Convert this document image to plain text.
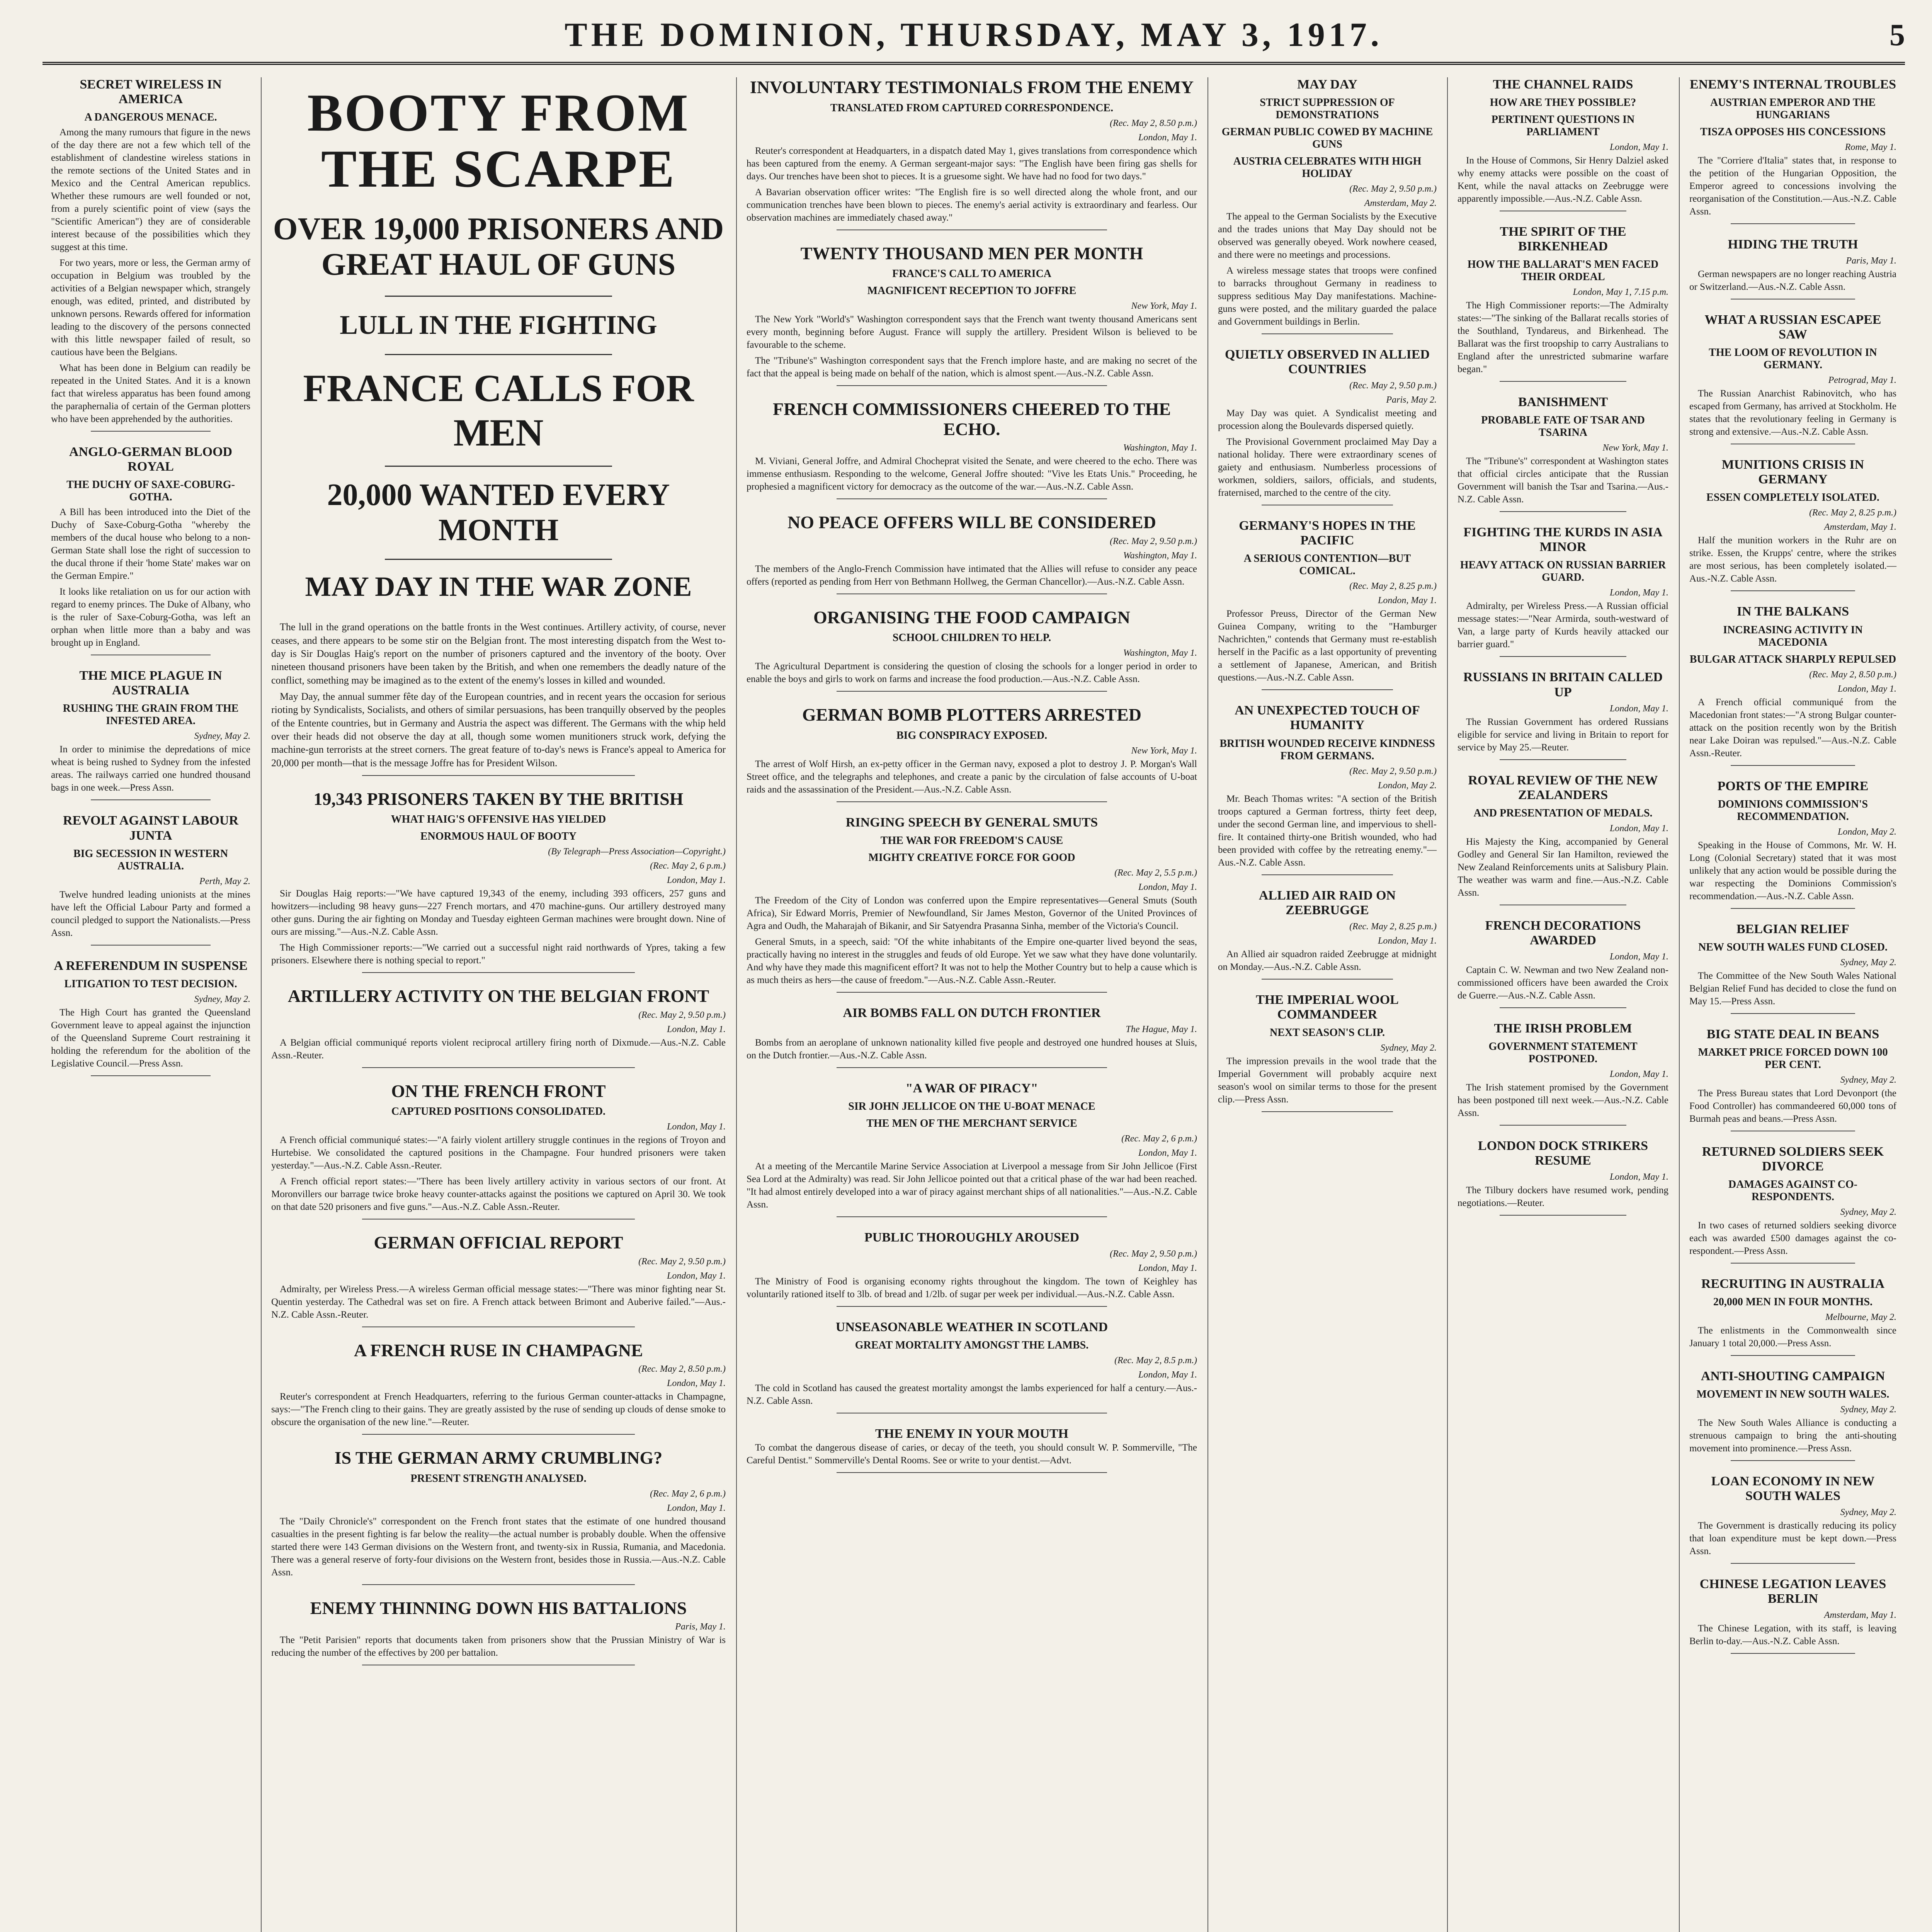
THE DOMINION, THURSDAY, MAY 3, 1917.	5
SECRET WIRELESS IN AMERICA
A DANGEROUS MENACE.

Among the many rumours that figure in the news of the day there are not a few which tell of the establishment of clandestine wireless stations in the remote sections of the United States and in Mexico and the Central American republics. Whether these rumours are well founded or not, from a purely scientific point of view (says the "Scientific American") they are of considerable interest because of the possibilities which they suggest at this time.

For two years, more or less, the German army of occupation in Belgium was troubled by the activities of a Belgian newspaper which, strangely enough, was edited, printed, and distributed by unknown persons. Rewards offered for information leading to the discovery of the persons connected with this little newspaper failed of result, so cautious have been the Belgians.

What has been done in Belgium can readily be repeated in the United States. And it is a known fact that wireless apparatus has been found among the paraphernalia of certain of the German plotters who have been apprehended by the authorities.

ANGLO-GERMAN BLOOD ROYAL
THE DUCHY OF SAXE-COBURG-GOTHA.

A Bill has been introduced into the Diet of the Duchy of Saxe-Coburg-Gotha "whereby the members of the ducal house who belong to a non-German State shall lose the right of succession to the ducal throne if their 'home State' makes war on the German Empire."

It looks like retaliation on us for our action with regard to enemy princes. The Duke of Albany, who is the ruler of Saxe-Coburg-Gotha, was left an orphan when little more than a baby and was brought up in England.

THE MICE PLAGUE IN AUSTRALIA
RUSHING THE GRAIN FROM THE INFESTED AREA.
Sydney, May 2.

In order to minimise the depredations of mice wheat is being rushed to Sydney from the infested areas. The railways carried one hundred thousand bags in one week.—Press Assn.

REVOLT AGAINST LABOUR JUNTA
BIG SECESSION IN WESTERN AUSTRALIA.
Perth, May 2.

Twelve hundred leading unionists at the mines have left the Official Labour Party and formed a council pledged to support the Nationalists.—Press Assn.

A REFERENDUM IN SUSPENSE
LITIGATION TO TEST DECISION.
Sydney, May 2.

The High Court has granted the Queensland Government leave to appeal against the injunction of the Queensland Supreme Court restraining it holding the referendum for the abolition of the Legislative Council.—Press Assn.

BOOTY FROM THE SCARPE
OVER 19,000 PRISONERS AND GREAT HAUL OF GUNS
LULL IN THE FIGHTING
FRANCE CALLS FOR MEN
20,000 WANTED EVERY MONTH
MAY DAY IN THE WAR ZONE

The lull in the grand operations on the battle fronts in the West continues. Artillery activity, of course, never ceases, and there appears to be some stir on the Belgian front. The most interesting dispatch from the West to-day is Sir Douglas Haig's report on the number of prisoners captured and the inventory of the booty. Over nineteen thousand prisoners have been taken by the British, and when one remembers the deadly nature of the conflict, something may be imagined as to the extent of the enemy's losses in killed and wounded.

May Day, the annual summer fête day of the European countries, and in recent years the occasion for serious rioting by Syndicalists, Socialists, and others of similar persuasions, has been tranquilly observed by the peoples of the Entente countries, but in Germany and Austria the aspect was different. The Germans with the whip held over their heads did not observe the day at all, though some women munitioners struck work, defying the machine-gun terrorists at the street corners. The great feature of to-day's news is France's appeal to America for 20,000 per month—that is the message Joffre has for President Wilson.

19,343 PRISONERS TAKEN BY THE BRITISH
WHAT HAIG'S OFFENSIVE HAS YIELDED
ENORMOUS HAUL OF BOOTY
(By Telegraph—Press Association—Copyright.)
(Rec. May 2, 6 p.m.)
London, May 1.

Sir Douglas Haig reports:—"We have captured 19,343 of the enemy, including 393 officers, 257 guns and howitzers—including 98 heavy guns—227 French mortars, and 470 machine-guns. Our artillery destroyed many other guns. During the air fighting on Monday and Tuesday eighteen German machines were brought down. Nine of ours are missing."—Aus.-N.Z. Cable Assn.

The High Commissioner reports:—"We carried out a successful night raid northwards of Ypres, taking a few prisoners. Elsewhere there is nothing special to report."

ARTILLERY ACTIVITY ON THE BELGIAN FRONT
(Rec. May 2, 9.50 p.m.)
London, May 1.

A Belgian official communiqué reports violent reciprocal artillery firing north of Dixmude.—Aus.-N.Z. Cable Assn.-Reuter.

ON THE FRENCH FRONT
CAPTURED POSITIONS CONSOLIDATED.
London, May 1.

A French official communiqué states:—"A fairly violent artillery struggle continues in the regions of Troyon and Hurtebise. We consolidated the captured positions in the Champagne. Four hundred prisoners were taken yesterday."—Aus.-N.Z. Cable Assn.-Reuter.

A French official report states:—"There has been lively artillery activity in various sectors of our front. At Moronvillers our barrage twice broke heavy counter-attacks against the positions we captured on April 30. We took on that date 520 prisoners and five guns."—Aus.-N.Z. Cable Assn.-Reuter.

GERMAN OFFICIAL REPORT
(Rec. May 2, 9.50 p.m.)
London, May 1.

Admiralty, per Wireless Press.—A wireless German official message states:—"There was minor fighting near St. Quentin yesterday. The Cathedral was set on fire. A French attack between Brimont and Auberive failed."—Aus.-N.Z. Cable Assn.-Reuter.

A FRENCH RUSE IN CHAMPAGNE
(Rec. May 2, 8.50 p.m.)
London, May 1.

Reuter's correspondent at French Headquarters, referring to the furious German counter-attacks in Champagne, says:—"The French cling to their gains. They are greatly assisted by the ruse of sending up clouds of dense smoke to obscure the organisation of the new line."—Reuter.

IS THE GERMAN ARMY CRUMBLING?
PRESENT STRENGTH ANALYSED.
(Rec. May 2, 6 p.m.)
London, May 1.

The "Daily Chronicle's" correspondent on the French front states that the estimate of one hundred thousand casualties in the present fighting is far below the reality—the actual number is probably double. When the offensive started there were 143 German divisions on the Western front, and twenty-six in Russia, Rumania, and Macedonia. There was a general reserve of forty-four divisions on the Western front, besides those in Russia.—Aus.-N.Z. Cable Assn.

ENEMY THINNING DOWN HIS BATTALIONS
Paris, May 1.

The "Petit Parisien" reports that documents taken from prisoners show that the Prussian Ministry of War is reducing the number of the effectives by 200 per battalion.

INVOLUNTARY TESTIMONIALS FROM THE ENEMY
TRANSLATED FROM CAPTURED CORRESPONDENCE.
(Rec. May 2, 8.50 p.m.)
London, May 1.

Reuter's correspondent at Headquarters, in a dispatch dated May 1, gives translations from correspondence which has been captured from the enemy. A German sergeant-major says: "The English have been firing gas shells for days. Our trenches have been shot to pieces. It is a gruesome sight. We have had no food for two days."

A Bavarian observation officer writes: "The English fire is so well directed along the whole front, and our communication trenches have been blown to pieces. The enemy's aerial activity is extraordinary and fearless. Our observation machines are immediately chased away."

TWENTY THOUSAND MEN PER MONTH
FRANCE'S CALL TO AMERICA
MAGNIFICENT RECEPTION TO JOFFRE
New York, May 1.

The New York "World's" Washington correspondent says that the French want twenty thousand Americans sent every month, beginning before August. France will supply the artillery. President Wilson is believed to be favourable to the scheme.

The "Tribune's" Washington correspondent says that the French implore haste, and are making no secret of the fact that the appeal is being made on behalf of the nation, which is almost spent.—Aus.-N.Z. Cable Assn.

FRENCH COMMISSIONERS CHEERED TO THE ECHO.
Washington, May 1.

M. Viviani, General Joffre, and Admiral Chocheprat visited the Senate, and were cheered to the echo. There was immense enthusiasm. Responding to the welcome, General Joffre shouted: "Vive les Etats Unis." Proceeding, he prophesied a magnificent victory for democracy as the outcome of the war.—Aus.-N.Z. Cable Assn.

NO PEACE OFFERS WILL BE CONSIDERED
(Rec. May 2, 9.50 p.m.)
Washington, May 1.

The members of the Anglo-French Commission have intimated that the Allies will refuse to consider any peace offers (reported as pending from Herr von Bethmann Hollweg, the German Chancellor).—Aus.-N.Z. Cable Assn.

ORGANISING THE FOOD CAMPAIGN
SCHOOL CHILDREN TO HELP.
Washington, May 1.

The Agricultural Department is considering the question of closing the schools for a longer period in order to enable the boys and girls to work on farms and increase the food production.—Aus.-N.Z. Cable Assn.

GERMAN BOMB PLOTTERS ARRESTED
BIG CONSPIRACY EXPOSED.
New York, May 1.

The arrest of Wolf Hirsh, an ex-petty officer in the German navy, exposed a plot to destroy J. P. Morgan's Wall Street office, and the telegraphs and telephones, and create a panic by the circulation of false accounts of U-boat raids and the assassination of the President.—Aus.-N.Z. Cable Assn.

RINGING SPEECH BY GENERAL SMUTS
THE WAR FOR FREEDOM'S CAUSE
MIGHTY CREATIVE FORCE FOR GOOD
(Rec. May 2, 5.5 p.m.)
London, May 1.

The Freedom of the City of London was conferred upon the Empire representatives—General Smuts (South Africa), Sir Edward Morris, Premier of Newfoundland, Sir James Meston, Governor of the United Provinces of Agra and Oudh, the Maharajah of Bikanir, and Sir Satyendra Prasanna Sinha, member of the Victoria's Council.

General Smuts, in a speech, said: "Of the white inhabitants of the Empire one-quarter lived beyond the seas, practically having no interest in the struggles and feuds of old Europe. Yet we saw what they have done voluntarily. And why have they made this magnificent effort? It was not to help the Mother Country but to help a cause which is as much theirs as hers—the cause of freedom."—Aus.-N.Z. Cable Assn.-Reuter.

AIR BOMBS FALL ON DUTCH FRONTIER
The Hague, May 1.

Bombs from an aeroplane of unknown nationality killed five people and destroyed one hundred houses at Sluis, on the Dutch frontier.—Aus.-N.Z. Cable Assn.

"A WAR OF PIRACY"
SIR JOHN JELLICOE ON THE U-BOAT MENACE
THE MEN OF THE MERCHANT SERVICE
(Rec. May 2, 6 p.m.)
London, May 1.

At a meeting of the Mercantile Marine Service Association at Liverpool a message from Sir John Jellicoe (First Sea Lord at the Admiralty) was read. Sir John Jellicoe pointed out that a critical phase of the war had been reached. "It had almost entirely developed into a war of piracy against merchant ships of all nationalities."—Aus.-N.Z. Cable Assn.

PUBLIC THOROUGHLY AROUSED
(Rec. May 2, 9.50 p.m.)
London, May 1.

The Ministry of Food is organising economy rights throughout the kingdom. The town of Keighley has voluntarily rationed itself to 3lb. of bread and 1/2lb. of sugar per week per individual.—Aus.-N.Z. Cable Assn.

UNSEASONABLE WEATHER IN SCOTLAND
GREAT MORTALITY AMONGST THE LAMBS.
(Rec. May 2, 8.5 p.m.)
London, May 1.

The cold in Scotland has caused the greatest mortality amongst the lambs experienced for half a century.—Aus.-N.Z. Cable Assn.

THE ENEMY IN YOUR MOUTH

To combat the dangerous disease of caries, or decay of the teeth, you should consult W. P. Sommerville, "The Careful Dentist." Sommerville's Dental Rooms. See or write to your dentist.—Advt.

MAY DAY
STRICT SUPPRESSION OF DEMONSTRATIONS
GERMAN PUBLIC COWED BY MACHINE GUNS
AUSTRIA CELEBRATES WITH HIGH HOLIDAY
(Rec. May 2, 9.50 p.m.)
Amsterdam, May 2.

The appeal to the German Socialists by the Executive and the trades unions that May Day should not be observed was generally obeyed. Work nowhere ceased, and there were no meetings and processions.

A wireless message states that troops were confined to barracks throughout Germany in readiness to suppress seditious May Day manifestations. Machine-guns were posted, and the military guarded the palace and Government buildings in Berlin.

QUIETLY OBSERVED IN ALLIED COUNTRIES
(Rec. May 2, 9.50 p.m.)
Paris, May 2.

May Day was quiet. A Syndicalist meeting and procession along the Boulevards dispersed quietly.

The Provisional Government proclaimed May Day a national holiday. There were extraordinary scenes of gaiety and enthusiasm. Numberless processions of workmen, soldiers, sailors, officials, and students, fraternised, marched to the centre of the city.

GERMANY'S HOPES IN THE PACIFIC
A SERIOUS CONTENTION—BUT COMICAL.
(Rec. May 2, 8.25 p.m.)
London, May 1.

Professor Preuss, Director of the German New Guinea Company, writing to the "Hamburger Nachrichten," contends that Germany must re-establish herself in the Pacific as a last opportunity of preventing a settlement of Japanese, American, and British questions.—Aus.-N.Z. Cable Assn.

AN UNEXPECTED TOUCH OF HUMANITY
BRITISH WOUNDED RECEIVE KINDNESS FROM GERMANS.
(Rec. May 2, 9.50 p.m.)
London, May 2.

Mr. Beach Thomas writes: "A section of the British troops captured a German fortress, thirty feet deep, under the second German line, and impervious to shell-fire. It contained thirty-one British wounded, who had been provided with coffee by the retreating enemy."—Aus.-N.Z. Cable Assn.

ALLIED AIR RAID ON ZEEBRUGGE
(Rec. May 2, 8.25 p.m.)
London, May 1.

An Allied air squadron raided Zeebrugge at midnight on Monday.—Aus.-N.Z. Cable Assn.

THE IMPERIAL WOOL COMMANDEER
NEXT SEASON'S CLIP.
Sydney, May 2.

The impression prevails in the wool trade that the Imperial Government will probably acquire next season's wool on similar terms to those for the present clip.—Press Assn.

THE CHANNEL RAIDS
HOW ARE THEY POSSIBLE?
PERTINENT QUESTIONS IN PARLIAMENT
London, May 1.

In the House of Commons, Sir Henry Dalziel asked why enemy attacks were possible on the coast of Kent, while the naval attacks on Zeebrugge were apparently impossible.—Aus.-N.Z. Cable Assn.

THE SPIRIT OF THE BIRKENHEAD
HOW THE BALLARAT'S MEN FACED THEIR ORDEAL
London, May 1, 7.15 p.m.

The High Commissioner reports:—The Admiralty states:—"The sinking of the Ballarat recalls stories of the Southland, Tyndareus, and Birkenhead. The Ballarat was the first troopship to carry Australians to England after the unrestricted submarine warfare began."

BANISHMENT
PROBABLE FATE OF TSAR AND TSARINA
New York, May 1.

The "Tribune's" correspondent at Washington states that official circles anticipate that the Russian Government will banish the Tsar and Tsarina.—Aus.-N.Z. Cable Assn.

FIGHTING THE KURDS IN ASIA MINOR
HEAVY ATTACK ON RUSSIAN BARRIER GUARD.
London, May 1.

Admiralty, per Wireless Press.—A Russian official message states:—"Near Armirda, south-westward of Van, a large party of Kurds heavily attacked our barrier guard."

RUSSIANS IN BRITAIN CALLED UP
London, May 1.

The Russian Government has ordered Russians eligible for service and living in Britain to report for service by May 25.—Reuter.

ROYAL REVIEW OF THE NEW ZEALANDERS
AND PRESENTATION OF MEDALS.
London, May 1.

His Majesty the King, accompanied by General Godley and General Sir Ian Hamilton, reviewed the New Zealand Reinforcements units at Salisbury Plain. The weather was warm and fine.—Aus.-N.Z. Cable Assn.

FRENCH DECORATIONS AWARDED
London, May 1.

Captain C. W. Newman and two New Zealand non-commissioned officers have been awarded the Croix de Guerre.—Aus.-N.Z. Cable Assn.

THE IRISH PROBLEM
GOVERNMENT STATEMENT POSTPONED.
London, May 1.

The Irish statement promised by the Government has been postponed till next week.—Aus.-N.Z. Cable Assn.

LONDON DOCK STRIKERS RESUME
London, May 1.

The Tilbury dockers have resumed work, pending negotiations.—Reuter.

ENEMY'S INTERNAL TROUBLES
AUSTRIAN EMPEROR AND THE HUNGARIANS
TISZA OPPOSES HIS CONCESSIONS
Rome, May 1.

The "Corriere d'Italia" states that, in response to the petition of the Hungarian Opposition, the Emperor agreed to concessions involving the reorganisation of the Constitution.—Aus.-N.Z. Cable Assn.

HIDING THE TRUTH
Paris, May 1.

German newspapers are no longer reaching Austria or Switzerland.—Aus.-N.Z. Cable Assn.

WHAT A RUSSIAN ESCAPEE SAW
THE LOOM OF REVOLUTION IN GERMANY.
Petrograd, May 1.

The Russian Anarchist Rabinovitch, who has escaped from Germany, has arrived at Stockholm. He states that the revolutionary feeling in Germany is strong and extensive.—Aus.-N.Z. Cable Assn.

MUNITIONS CRISIS IN GERMANY
ESSEN COMPLETELY ISOLATED.
(Rec. May 2, 8.25 p.m.)
Amsterdam, May 1.

Half the munition workers in the Ruhr are on strike. Essen, the Krupps' centre, where the strikes are most serious, has been completely isolated.—Aus.-N.Z. Cable Assn.

IN THE BALKANS
INCREASING ACTIVITY IN MACEDONIA
BULGAR ATTACK SHARPLY REPULSED
(Rec. May 2, 8.50 p.m.)
London, May 1.

A French official communiqué from the Macedonian front states:—"A strong Bulgar counter-attack on the position recently won by the British near Lake Doiran was repulsed."—Aus.-N.Z. Cable Assn.-Reuter.

PORTS OF THE EMPIRE
DOMINIONS COMMISSION'S RECOMMENDATION.
London, May 2.

Speaking in the House of Commons, Mr. W. H. Long (Colonial Secretary) stated that it was most unlikely that any action would be possible during the war respecting the Dominions Commission's recommendation.—Aus.-N.Z. Cable Assn.

BELGIAN RELIEF
NEW SOUTH WALES FUND CLOSED.
Sydney, May 2.

The Committee of the New South Wales National Belgian Relief Fund has decided to close the fund on May 15.—Press Assn.

BIG STATE DEAL IN BEANS
MARKET PRICE FORCED DOWN 100 PER CENT.
Sydney, May 2.

The Press Bureau states that Lord Devonport (the Food Controller) has commandeered 60,000 tons of Burmah peas and beans.—Press Assn.

RETURNED SOLDIERS SEEK DIVORCE
DAMAGES AGAINST CO-RESPONDENTS.
Sydney, May 2.

In two cases of returned soldiers seeking divorce each was awarded £500 damages against the co-respondent.—Press Assn.

RECRUITING IN AUSTRALIA
20,000 MEN IN FOUR MONTHS.
Melbourne, May 2.

The enlistments in the Commonwealth since January 1 total 20,000.—Press Assn.

ANTI-SHOUTING CAMPAIGN
MOVEMENT IN NEW SOUTH WALES.
Sydney, May 2.

The New South Wales Alliance is conducting a strenuous campaign to bring the anti-shouting movement into prominence.—Press Assn.

LOAN ECONOMY IN NEW SOUTH WALES
Sydney, May 2.

The Government is drastically reducing its policy that loan expenditure must be kept down.—Press Assn.

CHINESE LEGATION LEAVES BERLIN
Amsterdam, May 1.

The Chinese Legation, with its staff, is leaving Berlin to-day.—Aus.-N.Z. Cable Assn.
